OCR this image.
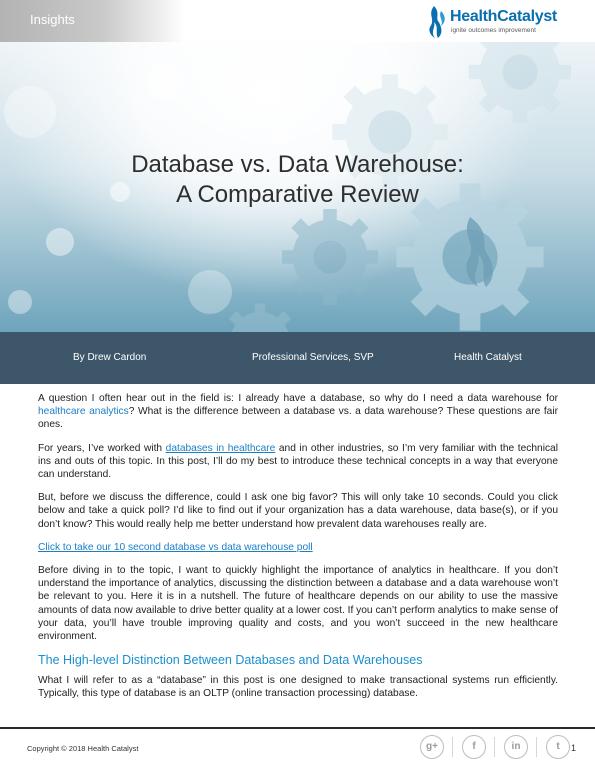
Insights	HealthCatalyst
ignite outcomes improvement
Database vs. Data Warehouse:
A Comparative Review
By Drew Cardon	Professional Services, SVP	Health Catalyst

A question I often hear out in the field is: I already have a database, so why do I need a data warehouse for healthcare analytics? What is the difference between a database vs. a data warehouse? These questions are fair ones.

For years, I’ve worked with databases in healthcare and in other industries, so I’m very familiar with the technical ins and outs of this topic. In this post, I’ll do my best to introduce these technical concepts in a way that everyone can understand.

But, before we discuss the difference, could I ask one big favor? This will only take 10 seconds. Could you click below and take a quick poll? I’d like to find out if your organization has a data warehouse, data base(s), or if you don’t know? This would really help me better understand how prevalent data warehouses really are.

Click to take our 10 second database vs data warehouse poll

Before diving in to the topic, I want to quickly highlight the importance of analytics in healthcare. If you don’t understand the importance of analytics, discussing the distinction between a database and a data warehouse won’t be relevant to you. Here it is in a nutshell. The future of healthcare depends on our ability to use the massive amounts of data now available to drive better quality at a lower cost. If you can’t perform analytics to make sense of your data, you’ll have trouble improving quality and costs, and you won’t succeed in the new healthcare environment.

The High-level Distinction Between Databases and Data Warehouses

What I will refer to as a “database” in this post is one designed to make transactional systems run efficiently. Typically, this type of database is an OLTP (online transaction processing) database.

Copyright © 2018 Health Catalyst	g+	f	in	t	1
